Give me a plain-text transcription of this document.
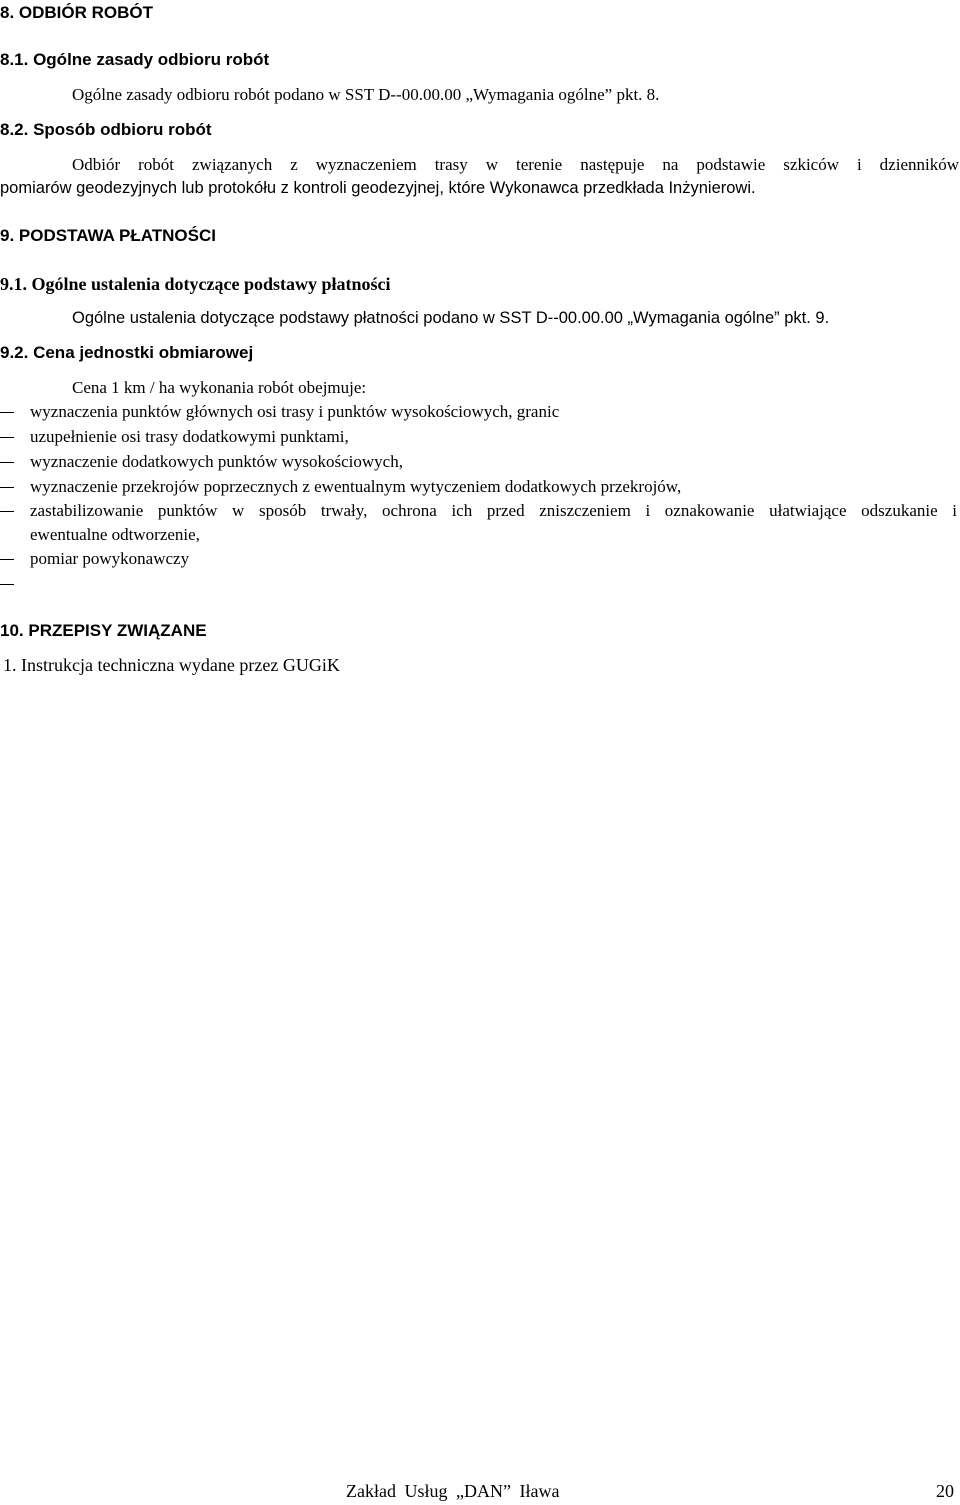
8. ODBIÓR ROBÓT
8.1. Ogólne zasady odbioru robót
Ogólne zasady odbioru robót podano w SST D--00.00.00 „Wymagania ogólne” pkt. 8.
8.2. Sposób odbioru robót
Odbiór robót związanych z wyznaczeniem trasy w terenie następuje na podstawie szkiców i dzienników
pomiarów geodezyjnych lub protokółu z kontroli geodezyjnej, które Wykonawca przedkłada Inżynierowi.
9. PODSTAWA PŁATNOŚCI
9.1. Ogólne ustalenia dotyczące podstawy płatności
Ogólne ustalenia dotyczące podstawy płatności podano w SST D--00.00.00 „Wymagania ogólne” pkt. 9.
9.2. Cena jednostki obmiarowej
Cena 1 km / ha wykonania robót obejmuje:
wyznaczenia punktów głównych osi trasy i punktów wysokościowych, granic
uzupełnienie osi trasy dodatkowymi punktami,
wyznaczenie dodatkowych punktów wysokościowych,
wyznaczenie przekrojów poprzecznych z ewentualnym wytyczeniem dodatkowych przekrojów,
zastabilizowanie punktów w sposób trwały, ochrona ich przed zniszczeniem i oznakowanie ułatwiające odszukanie i
ewentualne odtworzenie,
pomiar powykonawczy
10. PRZEPISY ZWIĄZANE
1. Instrukcja techniczna wydane przez GUGiK
Zakład Usług „DAN” Iława	20
